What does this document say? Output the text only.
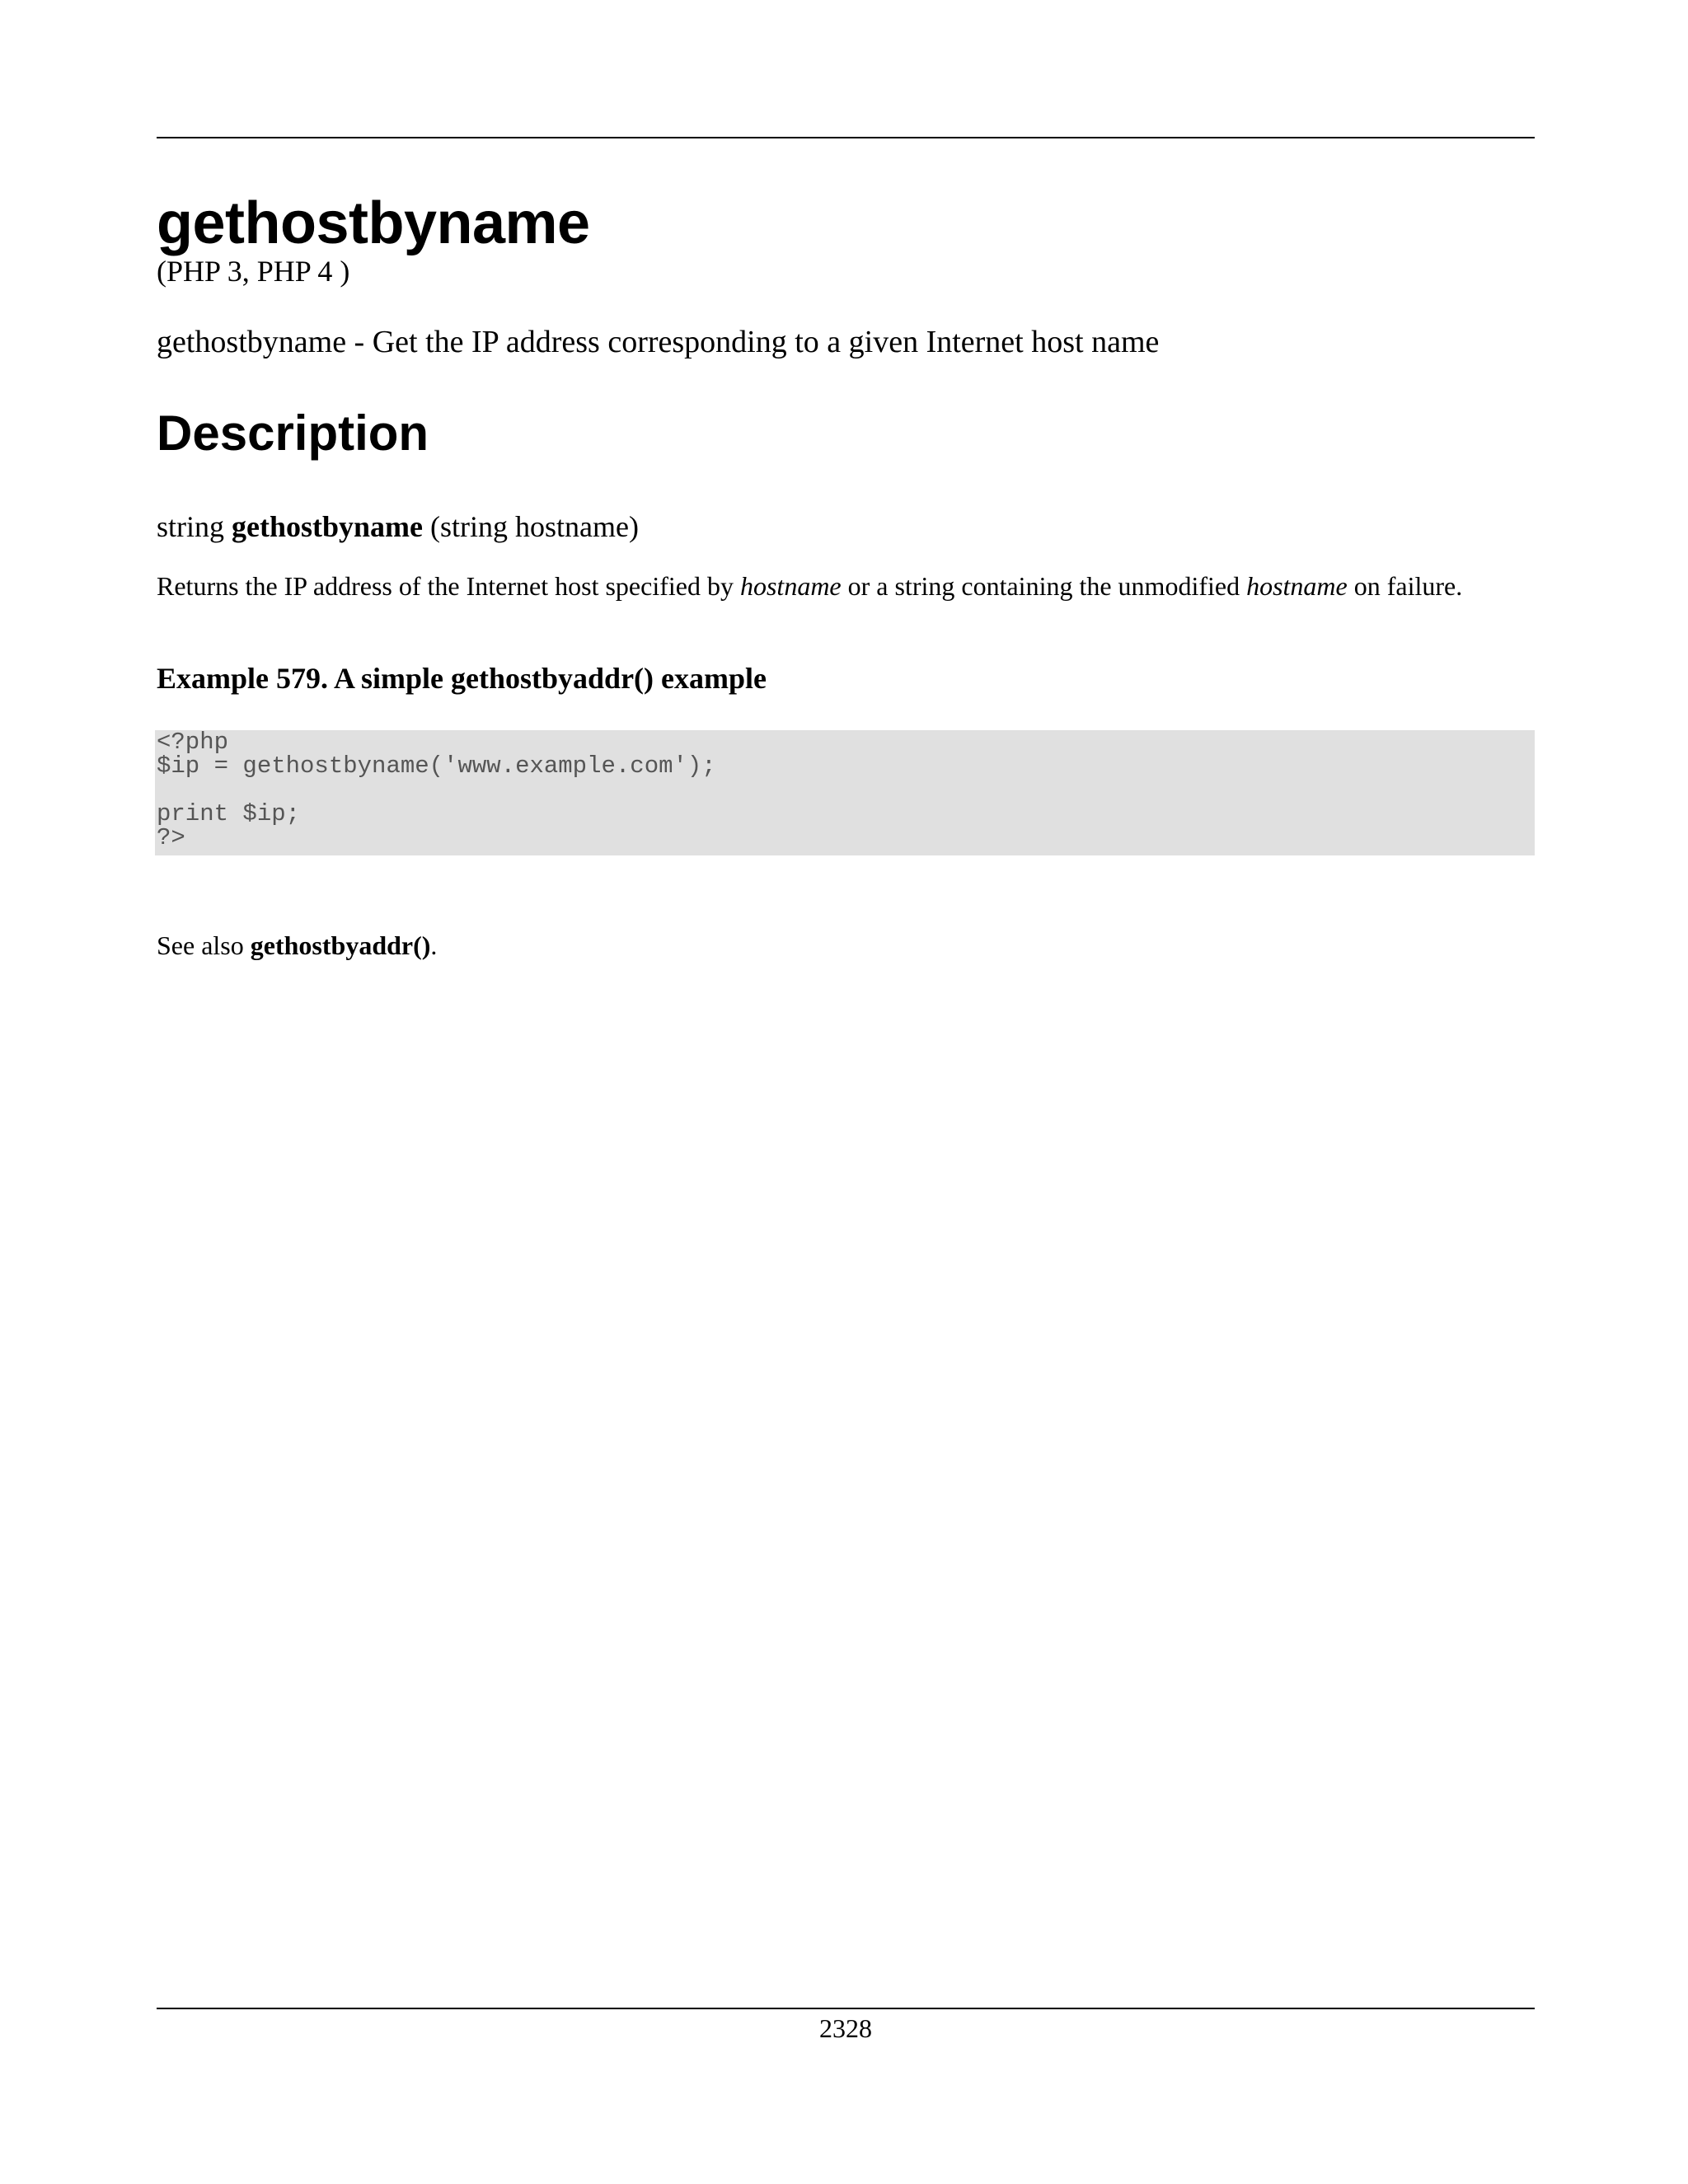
gethostbyname
(PHP 3, PHP 4 )
gethostbyname - Get the IP address corresponding to a given Internet host name
Description
string gethostbyname (string hostname)
Returns the IP address of the Internet host specified by hostname or a string containing the unmodified hostname on failure.
Example 579. A simple gethostbyaddr() example
<?php
$ip = gethostbyname('www.example.com');
print $ip;
?>
See also gethostbyaddr().
2328
